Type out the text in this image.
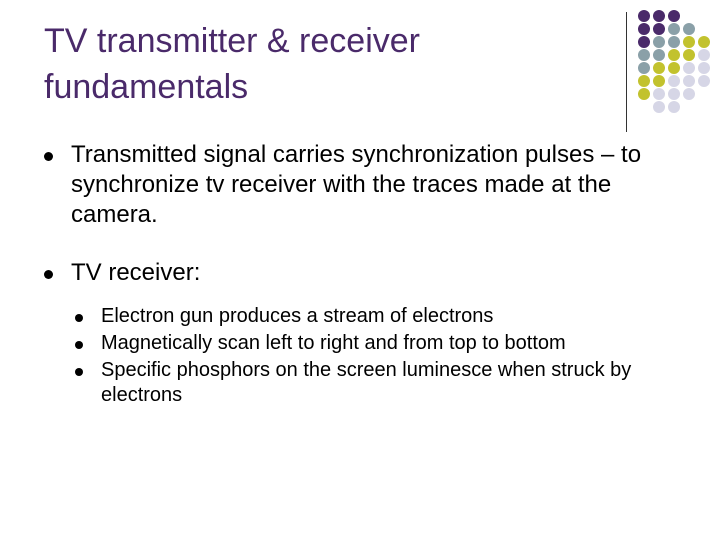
TV transmitter & receiver fundamentals
Transmitted signal carries synchronization pulses – to synchronize tv receiver with the traces made at the camera.
TV receiver:
Electron gun produces a stream of electrons
Magnetically scan left to right and from top to bottom
Specific phosphors on the screen luminesce when struck by electrons
